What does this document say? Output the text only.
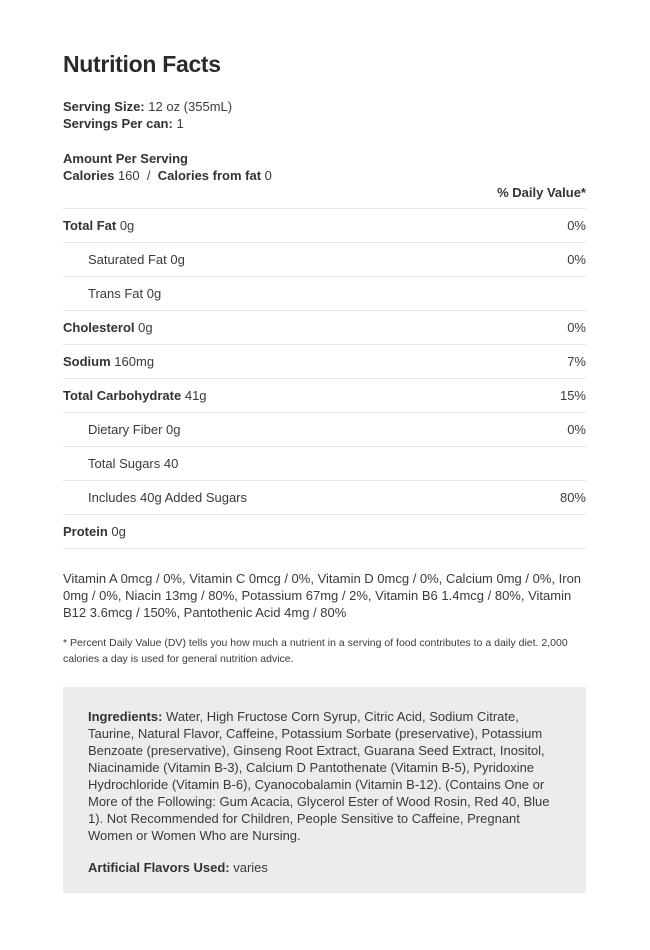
Nutrition Facts
Serving Size: 12 oz (355mL)
Servings Per can: 1
Amount Per Serving
Calories 160 / Calories from fat 0
% Daily Value*
Total Fat 0g	0%
Saturated Fat 0g	0%
Trans Fat 0g
Cholesterol 0g	0%
Sodium 160mg	7%
Total Carbohydrate 41g	15%
Dietary Fiber 0g	0%
Total Sugars 40
Includes 40g Added Sugars	80%
Protein 0g
Vitamin A 0mcg / 0%, Vitamin C 0mcg / 0%, Vitamin D 0mcg / 0%, Calcium 0mg / 0%, Iron 0mg / 0%, Niacin 13mg / 80%, Potassium 67mg / 2%, Vitamin B6 1.4mcg / 80%, Vitamin B12 3.6mcg / 150%, Pantothenic Acid 4mg / 80%
* Percent Daily Value (DV) tells you how much a nutrient in a serving of food contributes to a daily diet. 2,000 calories a day is used for general nutrition advice.
Ingredients: Water, High Fructose Corn Syrup, Citric Acid, Sodium Citrate, Taurine, Natural Flavor, Caffeine, Potassium Sorbate (preservative), Potassium Benzoate (preservative), Ginseng Root Extract, Guarana Seed Extract, Inositol, Niacinamide (Vitamin B-3), Calcium D Pantothenate (Vitamin B-5), Pyridoxine Hydrochloride (Vitamin B-6), Cyanocobalamin (Vitamin B-12). (Contains One or More of the Following: Gum Acacia, Glycerol Ester of Wood Rosin, Red 40, Blue 1). Not Recommended for Children, People Sensitive to Caffeine, Pregnant Women or Women Who are Nursing.
Artificial Flavors Used: varies
